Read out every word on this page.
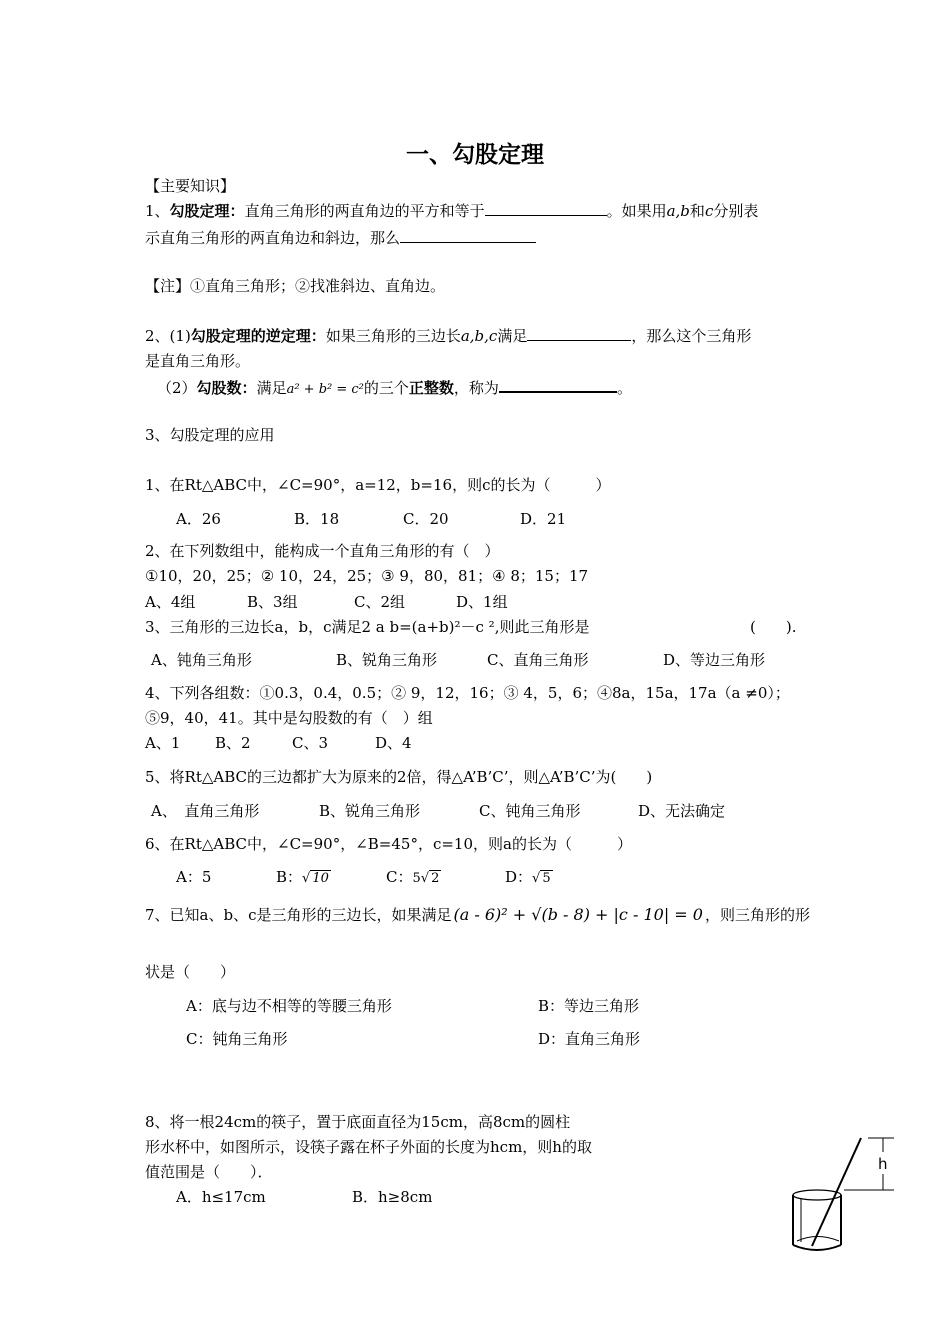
一、勾股定理
【主要知识】
1、勾股定理：直角三角形的两直角边的平方和等于	。如果用a,b和c分别表
示直角三角形的两直角边和斜边，那么
【注】①直角三角形；②找准斜边、直角边。
2、(1)勾股定理的逆定理：如果三角形的三边长a,b,c满足	，那么这个三角形
是直角三角形。
（2）勾股数：满足a² + b² = c²的三个正整数，称为	。
3、勾股定理的应用
1、在Rt△ABC中，∠C=90°，a=12，b=16，则c的长为（　　　）
A．26	B．18	C．20	D．21
2、在下列数组中，能构成一个直角三角形的有（　）
①10，20，25；② 10，24，25；③ 9，80，81；④ 8；15；17
A、4组	B、3组	C、2组	D、1组
3、三角形的三边长a，b，c满足2 a b=(a+b)²－c ²,则此三角形是	(　　).
A、钝角三角形	B、锐角三角形	C、直角三角形	D、等边三角形
4、下列各组数：①0.3，0.4，0.5；② 9，12，16；③ 4，5，6；④8a，15a，17a（a ≠0）；
⑤9，40，41。其中是勾股数的有（　）组
A、1 B、2	C、3	D、4
5、将Rt△ABC的三边都扩大为原来的2倍，得△A’B’C’，则△A’B’C’为(　　)
A、　直角三角形	B、锐角三角形	C、钝角三角形	D、无法确定
6、在Rt△ABC中，∠C=90°，∠B=45°，c=10，则a的长为（　　　）
A：5	B：√ 10	C：5√ 2	D：√ 5
7、已知a、b、c是三角形的三边长，如果满足 (a - 6)² + √(b - 8) + |c - 10| = 0 ，则三角形的形
状是（　　）
A：底与边不相等的等腰三角形	B：等边三角形
C：钝角三角形	D：直角三角形
8、将一根24cm的筷子，置于底面直径为15cm，高8cm的圆柱
形水杯中，如图所示，设筷子露在杯子外面的长度为hcm，则h的取
值范围是（　　）．
A．h≤17cm	B．h≥8cm
h
